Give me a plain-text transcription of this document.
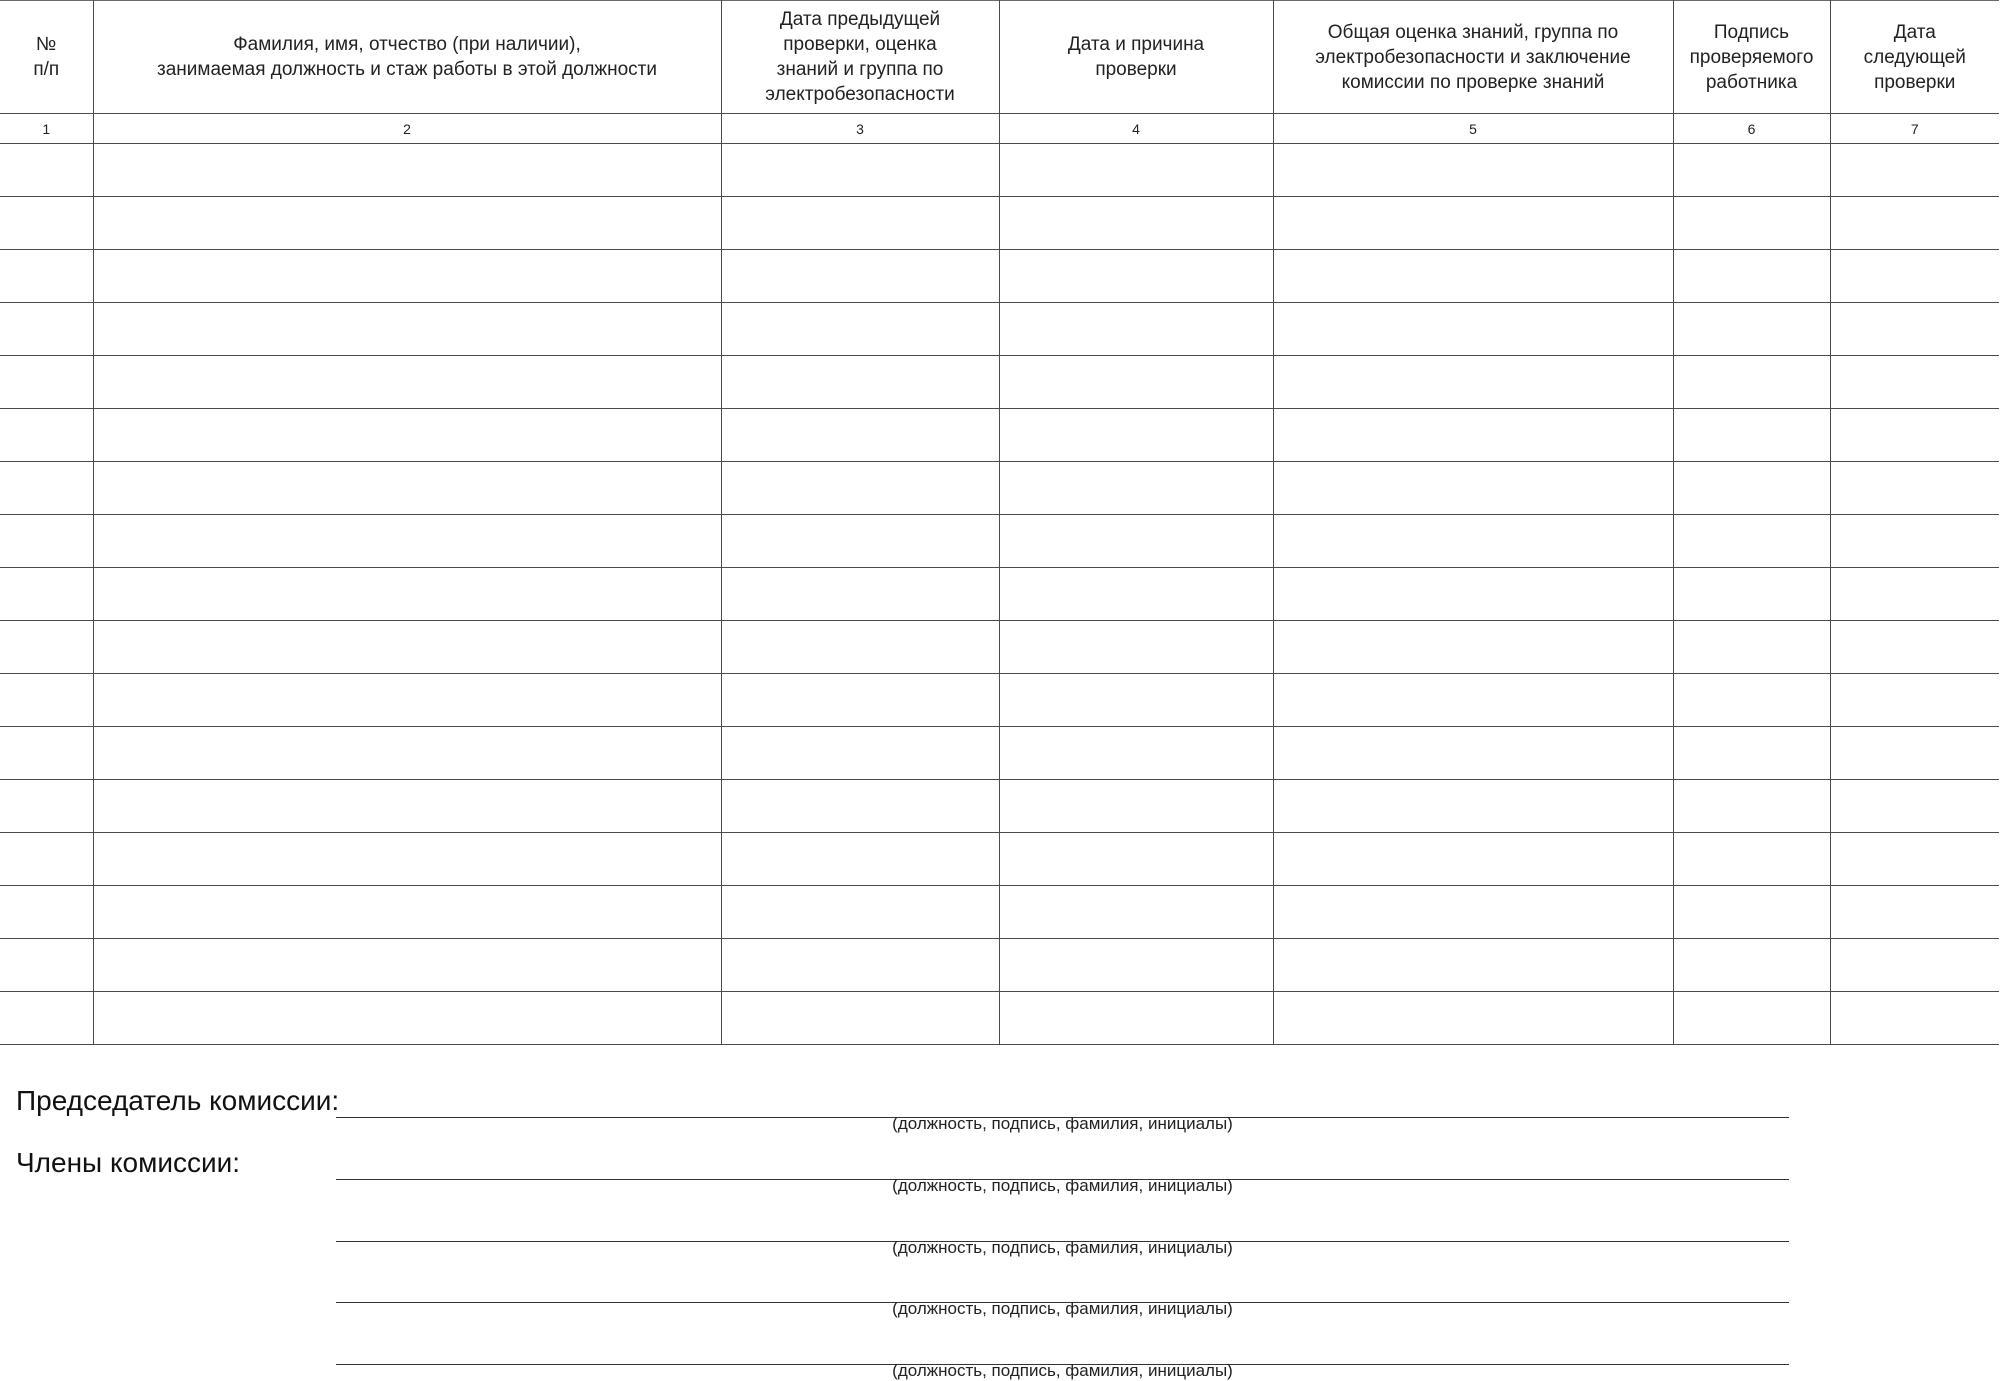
№
п/п	Фамилия, имя, отчество (при наличии),
занимаемая должность и стаж работы в этой должности	Дата предыдущей
проверки, оценка
знаний и группа по
электробезопасности	Дата и причина
проверки	Общая оценка знаний, группа по
электробезопасности и заключение
комиссии по проверке знаний	Подпись
проверяемого
работника	Дата
следующей
проверки

1	2	3	4	5	6	7

Председатель комиссии:
(должность, подпись, фамилия, инициалы)
Члены комиссии:
(должность, подпись, фамилия, инициалы)
(должность, подпись, фамилия, инициалы)
(должность, подпись, фамилия, инициалы)
(должность, подпись, фамилия, инициалы)
